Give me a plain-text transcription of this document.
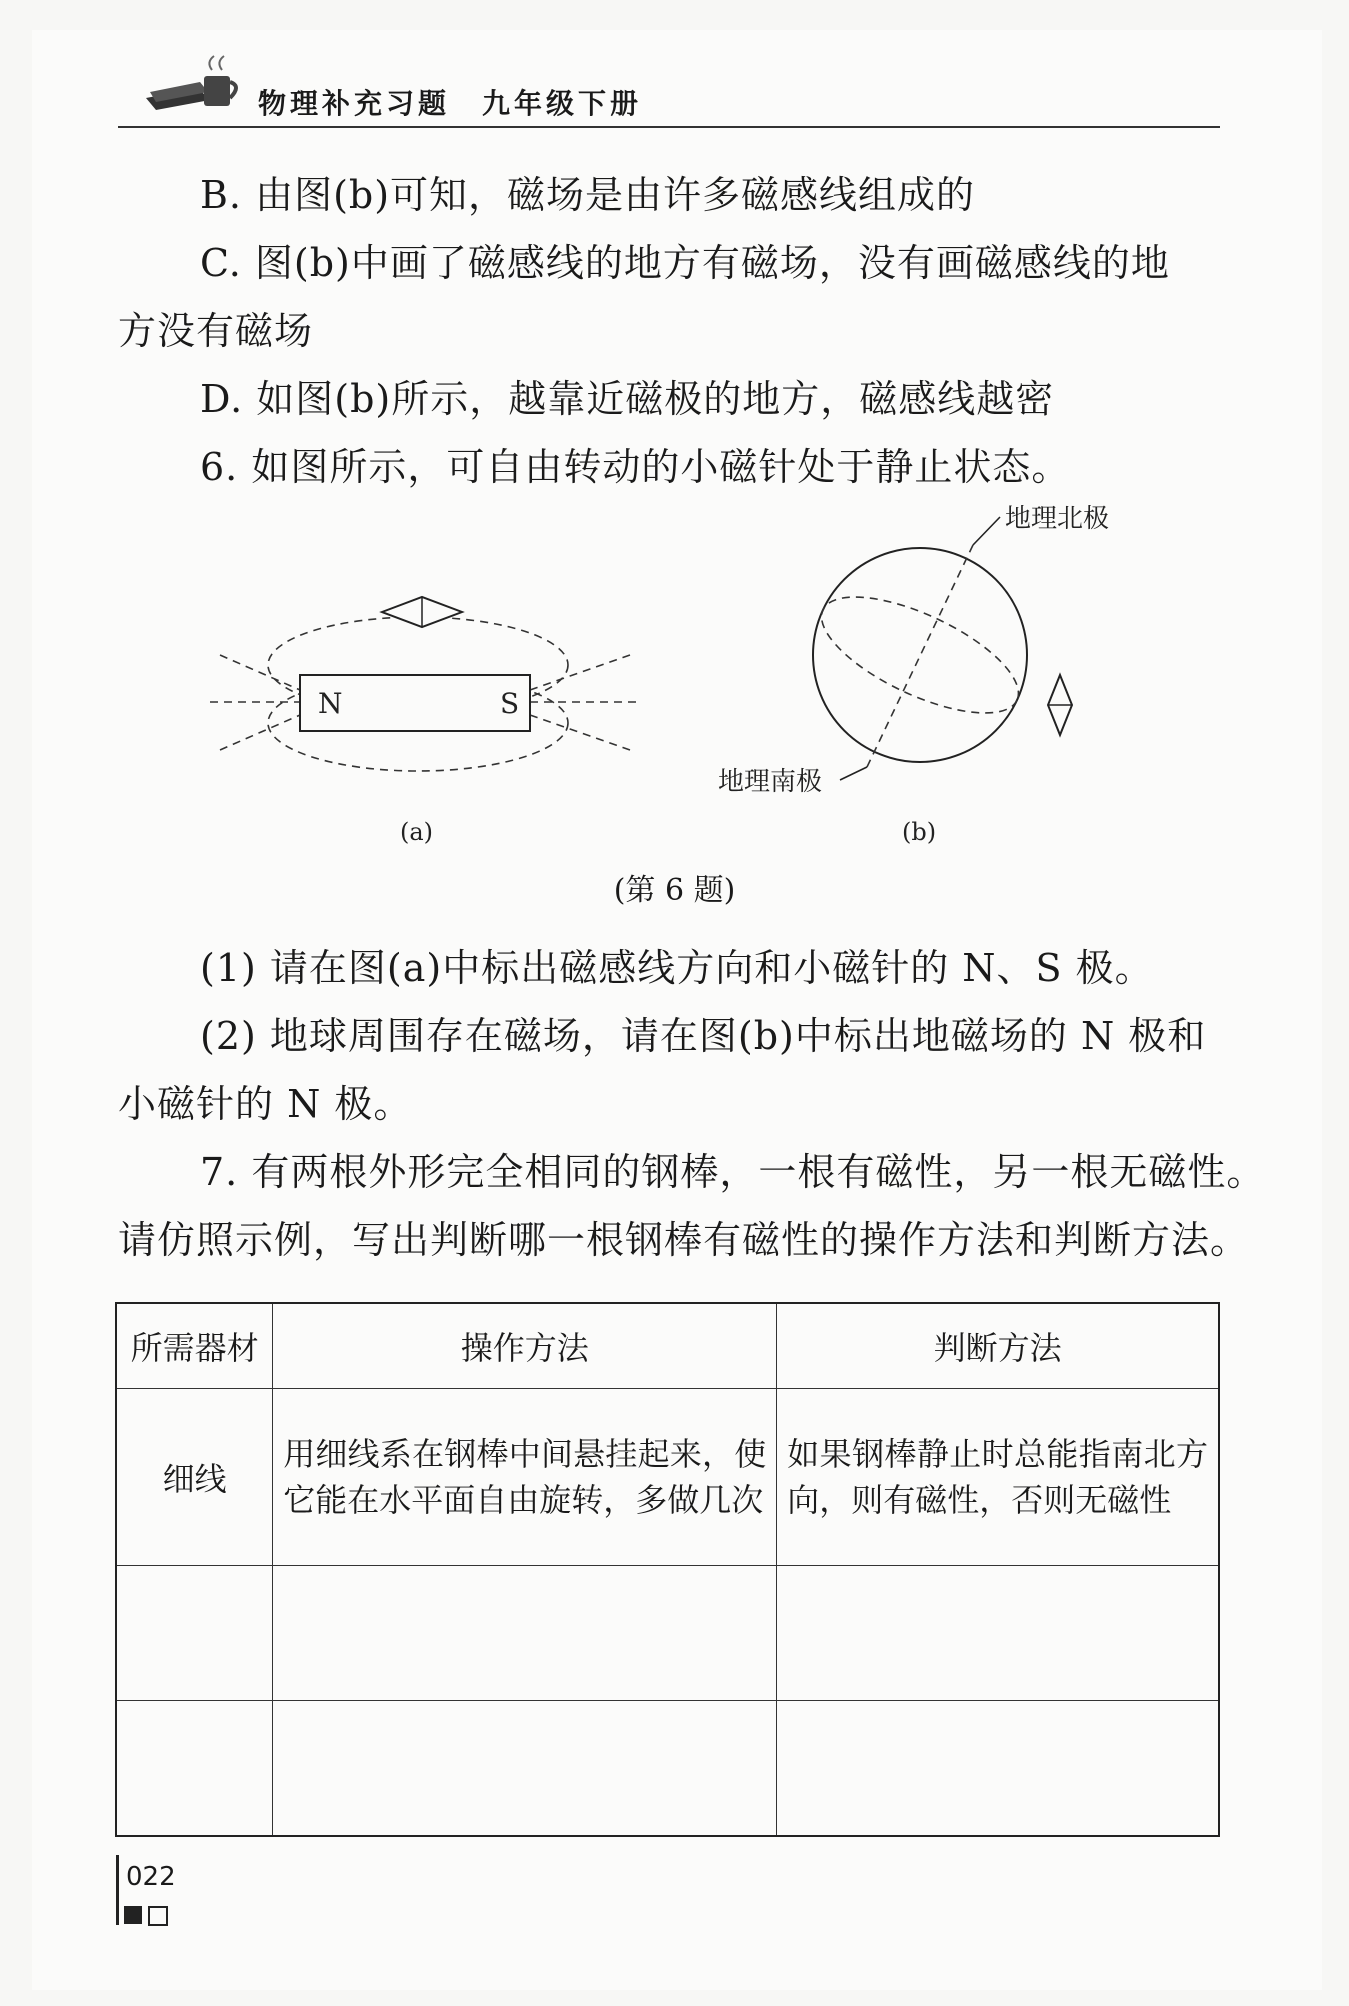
物理补充习题　九年级下册
B. 由图(b)可知，磁场是由许多磁感线组成的
C. 图(b)中画了磁感线的地方有磁场，没有画磁感线的地
方没有磁场
D. 如图(b)所示，越靠近磁极的地方，磁感线越密
6. 如图所示，可自由转动的小磁针处于静止状态。
N	S
(a)
地理北极
地理南极
(b)
(第 6 题)
(1) 请在图(a)中标出磁感线方向和小磁针的 N、S 极。
(2) 地球周围存在磁场，请在图(b)中标出地磁场的 N 极和
小磁针的 N 极。
7. 有两根外形完全相同的钢棒，一根有磁性，另一根无磁性。
请仿照示例，写出判断哪一根钢棒有磁性的操作方法和判断方法。
所需器材	操作方法	判断方法
细线	用细线系在钢棒中间悬挂起来，使它能在水平面自由旋转，多做几次	如果钢棒静止时总能指南北方向，则有磁性，否则无磁性

022
